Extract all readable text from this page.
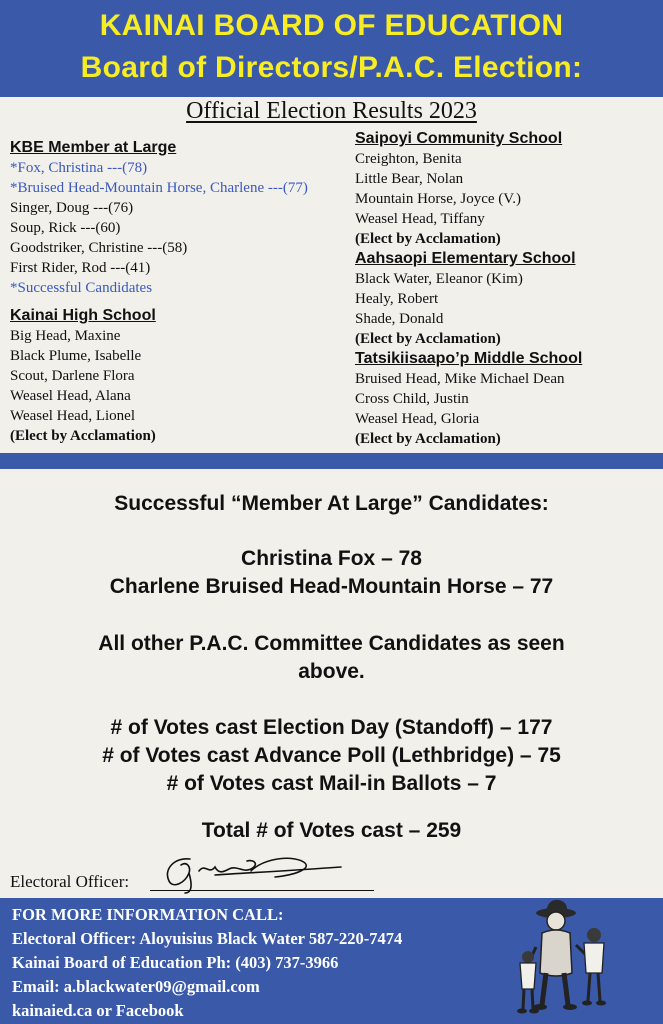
KAINAI BOARD OF EDUCATION
Board of Directors/P.A.C. Election:
Official Election Results 2023
KBE Member at Large
*Fox, Christina ---(78)
*Bruised Head-Mountain Horse, Charlene ---(77)
Singer, Doug ---(76)
Soup, Rick ---(60)
Goodstriker, Christine ---(58)
First Rider, Rod ---(41)
*Successful Candidates
Kainai High School
Big Head, Maxine
Black Plume, Isabelle
Scout, Darlene Flora
Weasel Head, Alana
Weasel Head, Lionel
(Elect by Acclamation)
Saipoyi Community School
Creighton, Benita
Little Bear, Nolan
Mountain Horse, Joyce (V.)
Weasel Head, Tiffany
(Elect by Acclamation)
Aahsaopi Elementary School
Black Water, Eleanor (Kim)
Healy, Robert
Shade, Donald
(Elect by Acclamation)
Tatsikiisaapo’p Middle School
Bruised Head, Mike Michael Dean
Cross Child, Justin
Weasel Head, Gloria
(Elect by Acclamation)
Successful “Member At Large” Candidates:
Christina Fox – 78
Charlene Bruised Head-Mountain Horse – 77
All other P.A.C. Committee Candidates as seen
above.
# of Votes cast Election Day (Standoff) – 177
# of Votes cast Advance Poll (Lethbridge) – 75
# of Votes cast Mail-in Ballots – 7
Total # of Votes cast – 259
Electoral Officer:
FOR MORE INFORMATION CALL:
Electoral Officer: Aloyuisius Black Water 587-220-7474
Kainai Board of Education Ph: (403) 737-3966
Email: a.blackwater09@gmail.com
kainaied.ca or Facebook
